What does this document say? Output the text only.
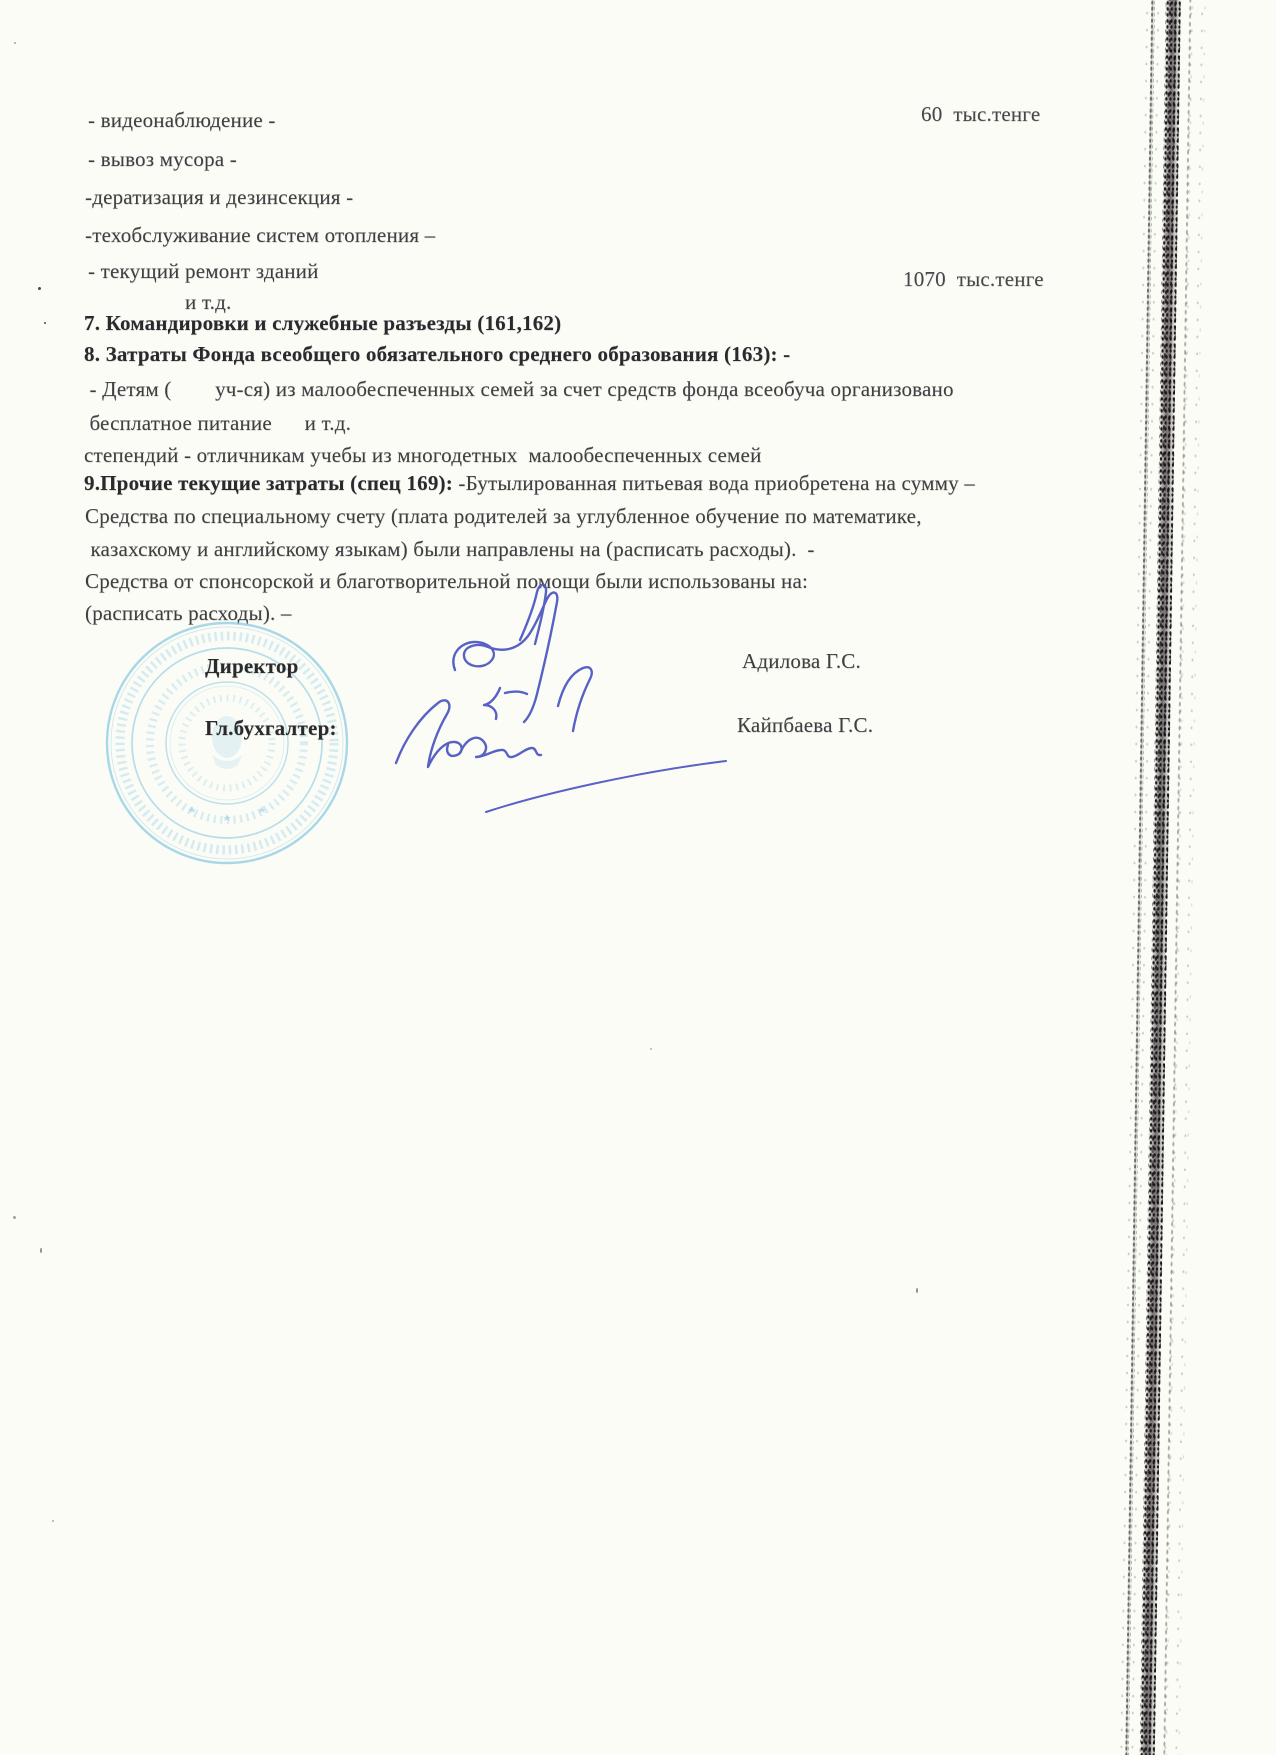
- видеонаблюдение -	60  тыс.тенге
- вывоз мусора -
-дератизация и дезинсекция -
-техобслуживание систем отопления –
- текущий ремонт зданий
и т.д.
1070  тыс.тенге
7. Командировки и служебные разъезды (161,162)
8. Затраты Фонда всеобщего обязательного среднего образования (163): -
- Детям (        уч-ся) из малообеспеченных семей за счет средств фонда всеобуча организовано
бесплатное питание      и т.д.
степендий - отличникам учебы из многодетных  малообеспеченных семей
9.Прочие текущие затраты (спец 169): -Бутылированная питьевая вода приобретена на сумму –
Средства по специальному счету (плата родителей за углубленное обучение по математике,
казахскому и английскому языкам) были направлены на (расписать расходы).  -
Средства от спонсорской и благотворительной помощи были использованы на:
(расписать расходы). –
Директор	Адилова Г.С.
Гл.бухгалтер:	Кайпбаева Г.С.
